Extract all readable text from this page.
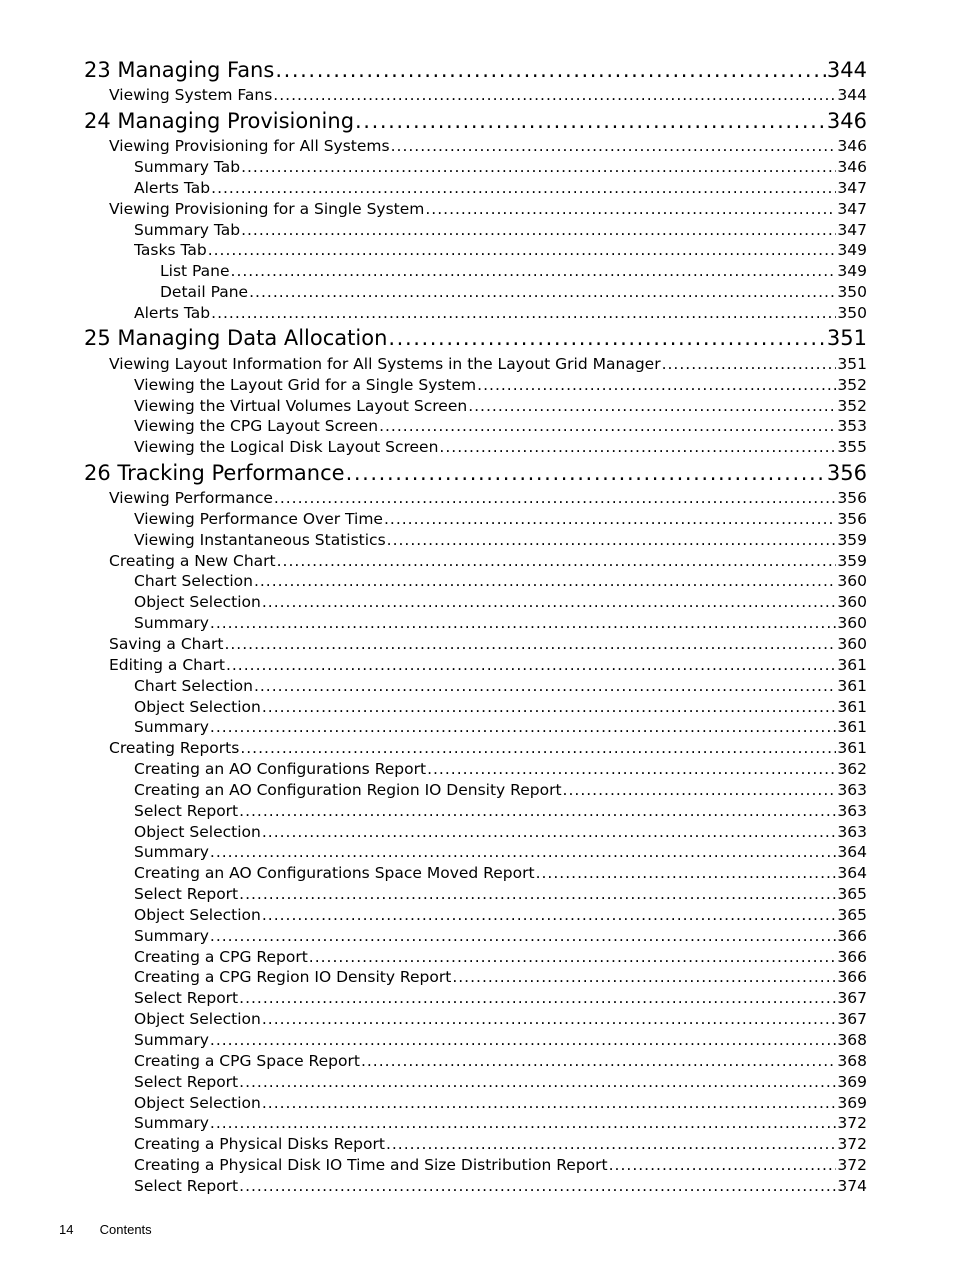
23 Managing Fans .....	344
Viewing System Fans .....	344
24 Managing Provisioning .....	346
Viewing Provisioning for All Systems .....	346
Summary Tab .....	346
Alerts Tab .....	347
Viewing Provisioning for a Single System .....	347
Summary Tab .....	347
Tasks Tab .....	349
List Pane .....	349
Detail Pane .....	350
Alerts Tab .....	350
25 Managing Data Allocation .....	351
Viewing Layout Information for All Systems in the Layout Grid Manager .....	351
Viewing the Layout Grid for a Single System .....	352
Viewing the Virtual Volumes Layout Screen .....	352
Viewing the CPG Layout Screen .....	353
Viewing the Logical Disk Layout Screen .....	355
26 Tracking Performance .....	356
Viewing Performance .....	356
Viewing Performance Over Time .....	356
Viewing Instantaneous Statistics .....	359
Creating a New Chart .....	359
Chart Selection .....	360
Object Selection .....	360
Summary .....	360
Saving a Chart .....	360
Editing a Chart .....	361
Chart Selection .....	361
Object Selection .....	361
Summary .....	361
Creating Reports .....	361
Creating an AO Configurations Report .....	362
Creating an AO Configuration Region IO Density Report .....	363
Select Report .....	363
Object Selection .....	363
Summary .....	364
Creating an AO Configurations Space Moved Report .....	364
Select Report .....	365
Object Selection .....	365
Summary .....	366
Creating a CPG Report .....	366
Creating a CPG Region IO Density Report .....	366
Select Report .....	367
Object Selection .....	367
Summary .....	368
Creating a CPG Space Report .....	368
Select Report .....	369
Object Selection .....	369
Summary .....	372
Creating a Physical Disks Report .....	372
Creating a Physical Disk IO Time and Size Distribution Report .....	372
Select Report .....	374
14 Contents
